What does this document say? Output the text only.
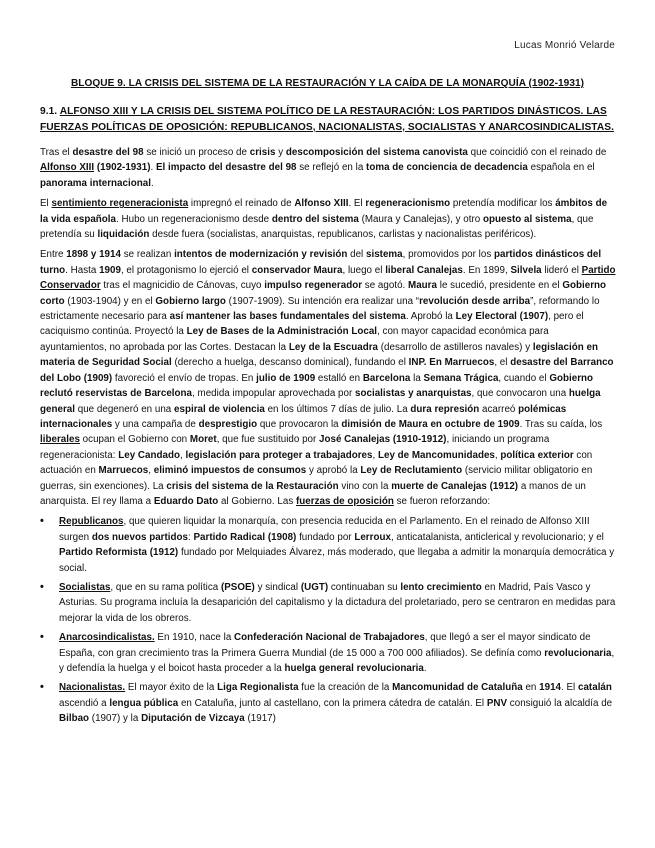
Lucas Monrió Velarde
BLOQUE 9. LA CRISIS DEL SISTEMA DE LA RESTAURACIÓN Y LA CAÍDA DE LA MONARQUÍA (1902-1931)
9.1. ALFONSO XIII Y LA CRISIS DEL SISTEMA POLÍTICO DE LA RESTAURACIÓN: LOS PARTIDOS DINÁSTICOS. LAS FUERZAS POLÍTICAS DE OPOSICIÓN: REPUBLICANOS, NACIONALISTAS, SOCIALISTAS Y ANARCOSINDICALISTAS.

Tras el desastre del 98 se inició un proceso de crisis y descomposición del sistema canovista que coincidió con el reinado de Alfonso XIII (1902-1931). El impacto del desastre del 98 se reflejó en la toma de conciencia de decadencia española en el panorama internacional.

El sentimiento regeneracionista impregnó el reinado de Alfonso XIII. El regeneracionismo pretendía modificar los ámbitos de la vida española. Hubo un regeneracionismo desde dentro del sistema (Maura y Canalejas), y otro opuesto al sistema, que pretendía su liquidación desde fuera (socialistas, anarquistas, republicanos, carlistas y nacionalistas periféricos).

Entre 1898 y 1914 se realizan intentos de modernización y revisión del sistema, promovidos por los partidos dinásticos del turno. Hasta 1909, el protagonismo lo ejerció el conservador Maura, luego el liberal Canalejas. En 1899, Silvela lideró el Partido Conservador tras el magnicidio de Cánovas, cuyo impulso regenerador se agotó. Maura le sucedió, presidente en el Gobierno corto (1903-1904) y en el Gobierno largo (1907-1909). Su intención era realizar una “revolución desde arriba”, reformando lo estrictamente necesario para así mantener las bases fundamentales del sistema. Aprobó la Ley Electoral (1907), pero el caciquismo continúa. Proyectó la Ley de Bases de la Administración Local, con mayor capacidad económica para ayuntamientos, no aprobada por las Cortes. Destacan la Ley de la Escuadra (desarrollo de astilleros navales) y legislación en materia de Seguridad Social (derecho a huelga, descanso dominical), fundando el INP. En Marruecos, el desastre del Barranco del Lobo (1909) favoreció el envío de tropas. En julio de 1909 estalló en Barcelona la Semana Trágica, cuando el Gobierno reclutó reservistas de Barcelona, medida impopular aprovechada por socialistas y anarquistas, que convocaron una huelga general que degeneró en una espiral de violencia en los últimos 7 días de julio. La dura represión acarreó polémicas internacionales y una campaña de desprestigio que provocaron la dimisión de Maura en octubre de 1909. Tras su caída, los liberales ocupan el Gobierno con Moret, que fue sustituido por José Canalejas (1910-1912), iniciando un programa regeneracionista: Ley Candado, legislación para proteger a trabajadores, Ley de Mancomunidades, política exterior con actuación en Marruecos, eliminó impuestos de consumos y aprobó la Ley de Reclutamiento (servicio militar obligatorio en guerras, sin exenciones). La crisis del sistema de la Restauración vino con la muerte de Canalejas (1912) a manos de un anarquista. El rey llama a Eduardo Dato al Gobierno. Las fuerzas de oposición se fueron reforzando:

• Republicanos, que quieren liquidar la monarquía, con presencia reducida en el Parlamento. En el reinado de Alfonso XIII surgen dos nuevos partidos: Partido Radical (1908) fundado por Lerroux, anticatalanista, anticlerical y revolucionario; y el Partido Reformista (1912) fundado por Melquiades Álvarez, más moderado, que llegaba a admitir la monarquía democrática y social.
• Socialistas, que en su rama política (PSOE) y sindical (UGT) continuaban su lento crecimiento en Madrid, País Vasco y Asturias. Su programa incluía la desaparición del capitalismo y la dictadura del proletariado, pero se centraron en medidas para mejorar la vida de los obreros.
• Anarcosindicalistas. En 1910, nace la Confederación Nacional de Trabajadores, que llegó a ser el mayor sindicato de España, con gran crecimiento tras la Primera Guerra Mundial (de 15 000 a 700 000 afiliados). Se definía como revolucionaria, y defendía la huelga y el boicot hasta proceder a la huelga general revolucionaria.
• Nacionalistas. El mayor éxito de la Liga Regionalista fue la creación de la Mancomunidad de Cataluña en 1914. El catalán ascendió a lengua pública en Cataluña, junto al castellano, con la primera cátedra de catalán. El PNV consiguió la alcaldía de Bilbao (1907) y la Diputación de Vizcaya (1917)
